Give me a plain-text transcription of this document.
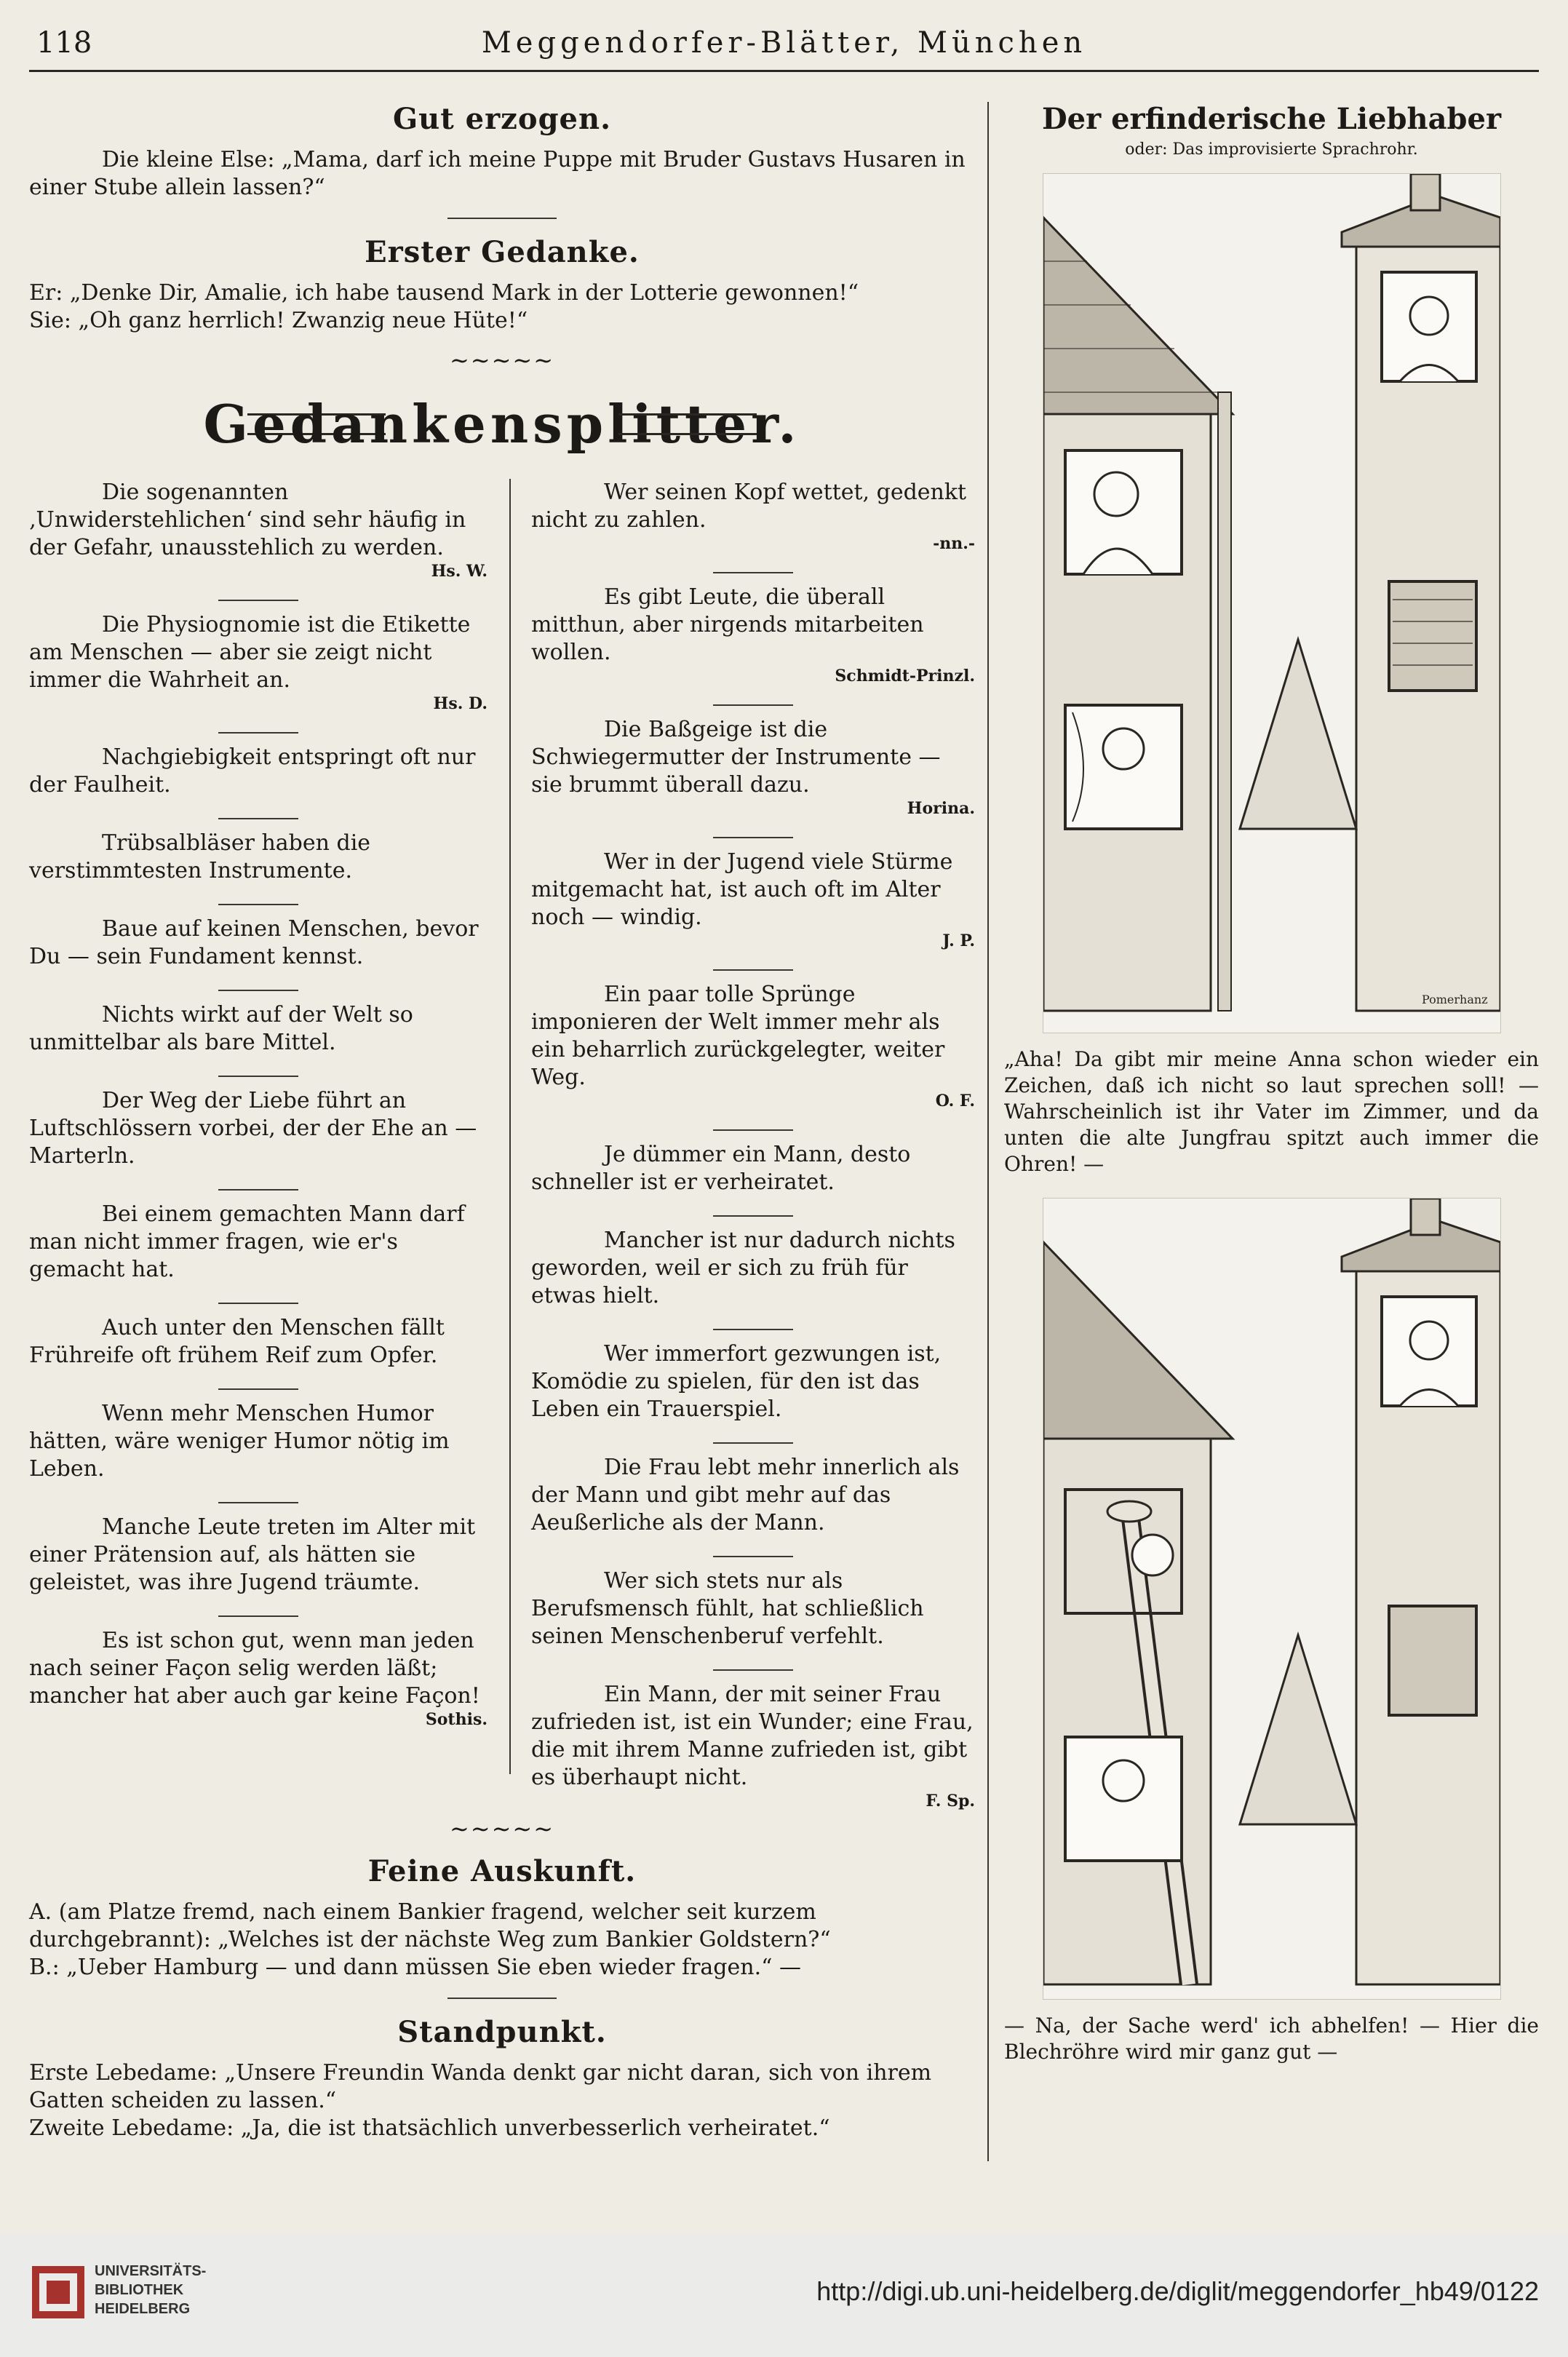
118	Meggendorfer-Blätter, München
Gut erzogen.

Die kleine Else: „Mama, darf ich meine Puppe mit Bruder Gustavs Husaren in einer Stube allein lassen?“

Erster Gedanke.

Er: „Denke Dir, Amalie, ich habe tausend Mark in der Lotterie gewonnen!“

Sie: „Oh ganz herrlich! Zwanzig neue Hüte!“

∼∼∼∼∼
Gedankensplitter.

Die sogenannten ‚Unwiderstehlichen‘ sind sehr häufig in der Gefahr, unausstehlich zu werden.

Hs. W.

Die Physiognomie ist die Etikette am Menschen — aber sie zeigt nicht immer die Wahrheit an.

Hs. D.

Nachgiebigkeit entspringt oft nur der Faulheit.

Trübsalbläser haben die verstimmtesten Instrumente.

Baue auf keinen Menschen, bevor Du — sein Fundament kennst.

Nichts wirkt auf der Welt so unmittelbar als bare Mittel.

Der Weg der Liebe führt an Luftschlössern vorbei, der der Ehe an — Marterln.

Bei einem gemachten Mann darf man nicht immer fragen, wie er's gemacht hat.

Auch unter den Menschen fällt Frühreife oft frühem Reif zum Opfer.

Wenn mehr Menschen Humor hätten, wäre weniger Humor nötig im Leben.

Manche Leute treten im Alter mit einer Prätension auf, als hätten sie geleistet, was ihre Jugend träumte.

Es ist schon gut, wenn man jeden nach seiner Façon selig werden läßt; mancher hat aber auch gar keine Façon!

Sothis.

Wer seinen Kopf wettet, gedenkt nicht zu zahlen.

-nn.-

Es gibt Leute, die überall mitthun, aber nirgends mitarbeiten wollen.

Schmidt-Prinzl.

Die Baßgeige ist die Schwiegermutter der Instrumente — sie brummt überall dazu.

Horina.

Wer in der Jugend viele Stürme mitgemacht hat, ist auch oft im Alter noch — windig.

J. P.

Ein paar tolle Sprünge imponieren der Welt immer mehr als ein beharrlich zurückgelegter, weiter Weg.

O. F.

Je dümmer ein Mann, desto schneller ist er verheiratet.

Mancher ist nur dadurch nichts geworden, weil er sich zu früh für etwas hielt.

Wer immerfort gezwungen ist, Komödie zu spielen, für den ist das Leben ein Trauerspiel.

Die Frau lebt mehr innerlich als der Mann und gibt mehr auf das Aeußerliche als der Mann.

Wer sich stets nur als Berufsmensch fühlt, hat schließlich seinen Menschenberuf verfehlt.

Ein Mann, der mit seiner Frau zufrieden ist, ist ein Wunder; eine Frau, die mit ihrem Manne zufrieden ist, gibt es überhaupt nicht.

F. Sp.
∼∼∼∼∼
Feine Auskunft.

A. (am Platze fremd, nach einem Bankier fragend, welcher seit kurzem durchgebrannt): „Welches ist der nächste Weg zum Bankier Goldstern?“

B.: „Ueber Hamburg — und dann müssen Sie eben wieder fragen.“ —

Standpunkt.

Erste Lebedame: „Unsere Freundin Wanda denkt gar nicht daran, sich von ihrem Gatten scheiden zu lassen.“

Zweite Lebedame: „Ja, die ist thatsächlich unverbesserlich verheiratet.“

Der erfinderische Liebhaber
oder: Das improvisierte Sprachrohr.
Pomerhanz

„Aha! Da gibt mir meine Anna schon wieder ein Zeichen, daß ich nicht so laut sprechen soll! — Wahrscheinlich ist ihr Vater im Zimmer, und da unten die alte Jungfrau spitzt auch immer die Ohren! —

— Na, der Sache werd' ich abhelfen! — Hier die Blechröhre wird mir ganz gut —

UNIVERSITÄTS-
BIBLIOTHEK
HEIDELBERG
http://digi.ub.uni-heidelberg.de/diglit/meggendorfer_hb49/0122
